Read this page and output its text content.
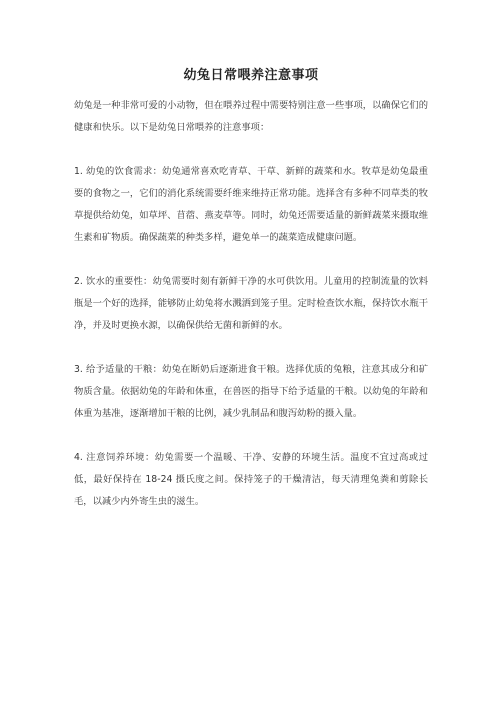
幼兔日常喂养注意事项

幼兔是一种非常可爱的小动物，但在喂养过程中需要特别注意一些事项，以确保它们的健康和快乐。以下是幼兔日常喂养的注意事项：

1. 幼兔的饮食需求：幼兔通常喜欢吃青草、干草、新鲜的蔬菜和水。牧草是幼兔最重要的食物之一，它们的消化系统需要纤维来维持正常功能。选择含有多种不同草类的牧草提供给幼兔，如草坪、苜蓿、燕麦草等。同时，幼兔还需要适量的新鲜蔬菜来摄取维生素和矿物质。确保蔬菜的种类多样，避免单一的蔬菜造成健康问题。

2. 饮水的重要性：幼兔需要时刻有新鲜干净的水可供饮用。儿童用的控制流量的饮料瓶是一个好的选择，能够防止幼兔将水溅洒到笼子里。定时检查饮水瓶，保持饮水瓶干净，并及时更换水源，以确保供给无菌和新鲜的水。

3. 给予适量的干粮：幼兔在断奶后逐渐进食干粮。选择优质的兔粮，注意其成分和矿物质含量。依据幼兔的年龄和体重，在兽医的指导下给予适量的干粮。以幼兔的年龄和体重为基准，逐渐增加干粮的比例，减少乳制品和腹泻幼粉的摄入量。

4. 注意饲养环境：幼兔需要一个温暖、干净、安静的环境生活。温度不宜过高或过低，最好保持在 18-24 摄氏度之间。保持笼子的干燥清洁，每天清理兔粪和剪除长毛，以减少内外寄生虫的滋生。
